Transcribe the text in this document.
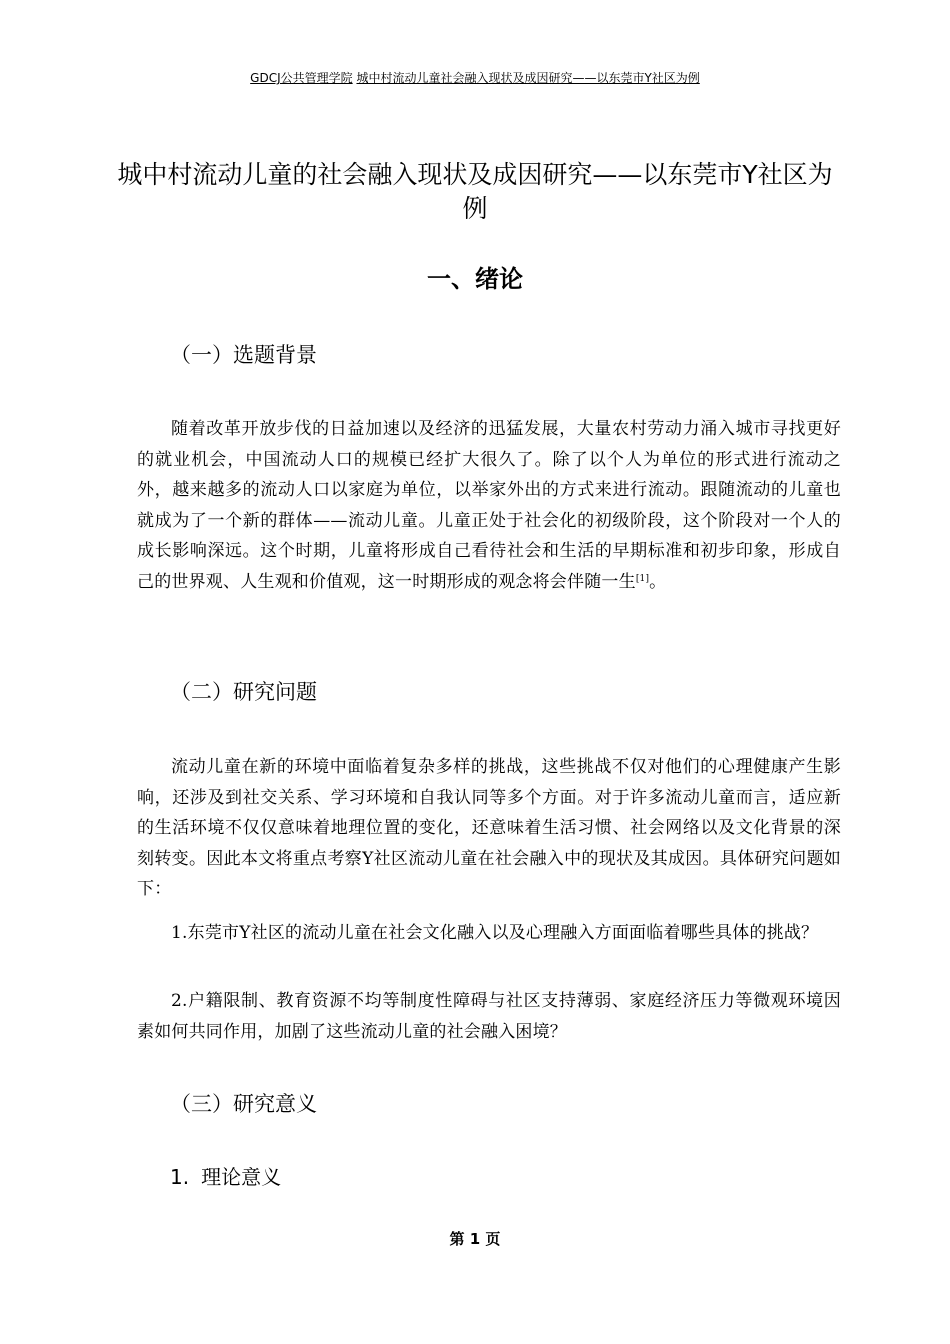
GDCJ公共管理学院 城中村流动儿童社会融入现状及成因研究——以东莞市Y社区为例
城中村流动儿童的社会融入现状及成因研究——以东莞市Y社区为例
一、绪论
（一）选题背景
随着改革开放步伐的日益加速以及经济的迅猛发展，大量农村劳动力涌入城市寻找更好的就业机会，中国流动人口的规模已经扩大很久了。除了以个人为单位的形式进行流动之外，越来越多的流动人口以家庭为单位，以举家外出的方式来进行流动。跟随流动的儿童也就成为了一个新的群体——流动儿童。儿童正处于社会化的初级阶段，这个阶段对一个人的成长影响深远。这个时期，儿童将形成自己看待社会和生活的早期标准和初步印象，形成自己的世界观、人生观和价值观，这一时期形成的观念将会伴随一生[1]。
（二）研究问题
流动儿童在新的环境中面临着复杂多样的挑战，这些挑战不仅对他们的心理健康产生影响，还涉及到社交关系、学习环境和自我认同等多个方面。对于许多流动儿童而言，适应新的生活环境不仅仅意味着地理位置的变化，还意味着生活习惯、社会网络以及文化背景的深刻转变。因此本文将重点考察Y社区流动儿童在社会融入中的现状及其成因。具体研究问题如下：
1.东莞市Y社区的流动儿童在社会文化融入以及心理融入方面面临着哪些具体的挑战？
2.户籍限制、教育资源不均等制度性障碍与社区支持薄弱、家庭经济压力等微观环境因素如何共同作用，加剧了这些流动儿童的社会融入困境？
（三）研究意义
1. 理论意义
第 1 页
